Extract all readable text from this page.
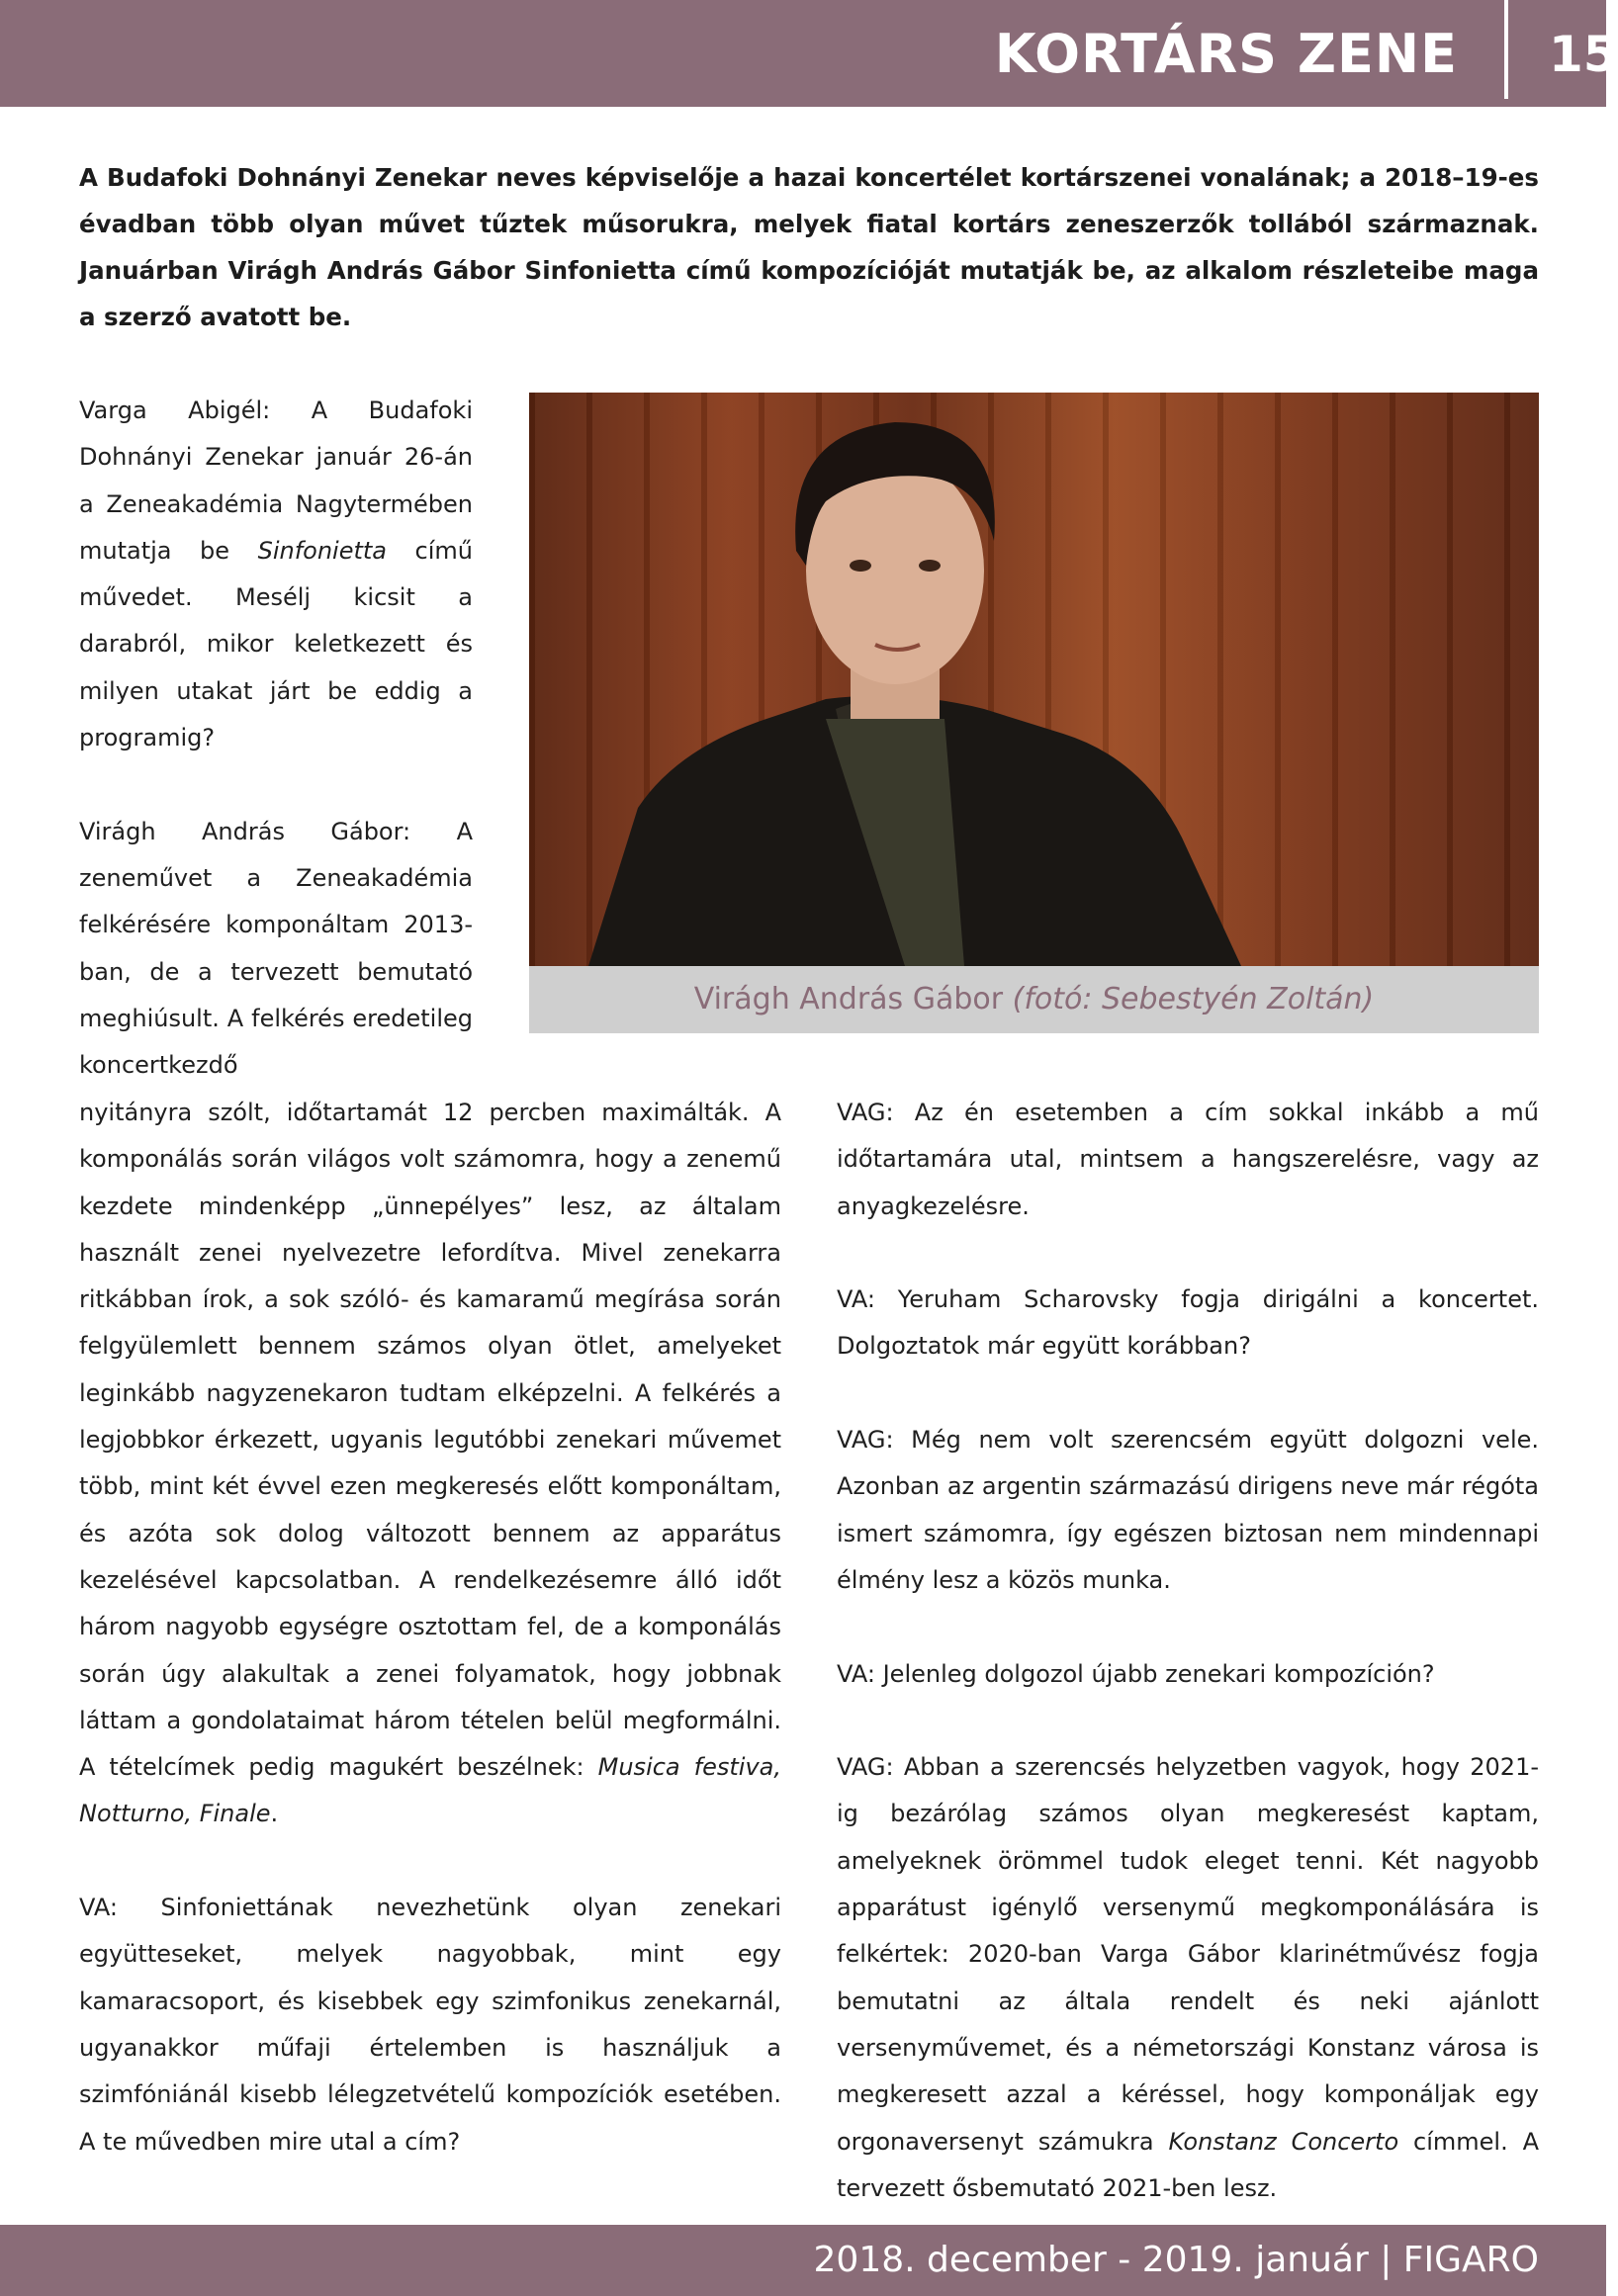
KORTÁRS ZENE 15
A Budafoki Dohnányi Zenekar neves képviselője a hazai koncertélet kortárszenei vonalának; a 2018–19-es évadban több olyan művet tűztek műsorukra, melyek fiatal kortárs zeneszerzők tollából származnak. Januárban Virágh András Gábor Sinfonietta című kompozícióját mutatják be, az alkalom részleteibe maga a szerző avatott be.

Varga Abigél: A Budafoki Dohnányi Zenekar január 26-án a Zeneakadémia Nagytermében mutatja be Sinfonietta című művedet. Mesélj kicsit a darabról, mikor keletkezett és milyen utakat járt be eddig a programig?

Virágh András Gábor: A zeneművet a Zeneakadémia felkérésére komponáltam 2013-ban, de a tervezett bemutató meghiúsult. A felkérés eredetileg koncertkezdő

Virágh András Gábor (fotó: Sebestyén Zoltán)

nyitányra szólt, időtartamát 12 percben maximálták. A komponálás során világos volt számomra, hogy a zenemű kezdete mindenképp „ünnepélyes” lesz, az általam használt zenei nyelvezetre lefordítva. Mivel zenekarra ritkábban írok, a sok szóló- és kamaramű megírása során felgyülemlett bennem számos olyan ötlet, amelyeket leginkább nagyzenekaron tudtam elképzelni. A felkérés a legjobbkor érkezett, ugyanis legutóbbi zenekari művemet több, mint két évvel ezen megkeresés előtt komponáltam, és azóta sok dolog változott bennem az apparátus kezelésével kapcsolatban. A rendelkezésemre álló időt három nagyobb egységre osztottam fel, de a komponálás során úgy alakultak a zenei folyamatok, hogy jobbnak láttam a gondolataimat három tételen belül megformálni. A tételcímek pedig magukért beszélnek: Musica festiva, Notturno, Finale.

VA: Sinfoniettának nevezhetünk olyan zenekari együtteseket, melyek nagyobbak, mint egy kamaracsoport, és kisebbek egy szimfonikus zenekarnál, ugyanakkor műfaji értelemben is használjuk a szimfóniánál kisebb lélegzetvételű kompozíciók esetében. A te művedben mire utal a cím?

VAG: Az én esetemben a cím sokkal inkább a mű időtartamára utal, mintsem a hangszerelésre, vagy az anyagkezelésre.

VA: Yeruham Scharovsky fogja dirigálni a koncertet. Dolgoztatok már együtt korábban?

VAG: Még nem volt szerencsém együtt dolgozni vele. Azonban az argentin származású dirigens neve már régóta ismert számomra, így egészen biztosan nem mindennapi élmény lesz a közös munka.

VA: Jelenleg dolgozol újabb zenekari kompozíción?

VAG: Abban a szerencsés helyzetben vagyok, hogy 2021-ig bezárólag számos olyan megkeresést kaptam, amelyeknek örömmel tudok eleget tenni. Két nagyobb apparátust igénylő versenymű megkomponálására is felkértek: 2020-ban Varga Gábor klarinétművész fogja bemutatni az általa rendelt és neki ajánlott versenyművemet, és a németországi Konstanz városa is megkeresett azzal a kéréssel, hogy komponáljak egy orgonaversenyt számukra Konstanz Concerto címmel. A tervezett ősbemutató 2021-ben lesz.

2018. december - 2019. január | FIGARO
